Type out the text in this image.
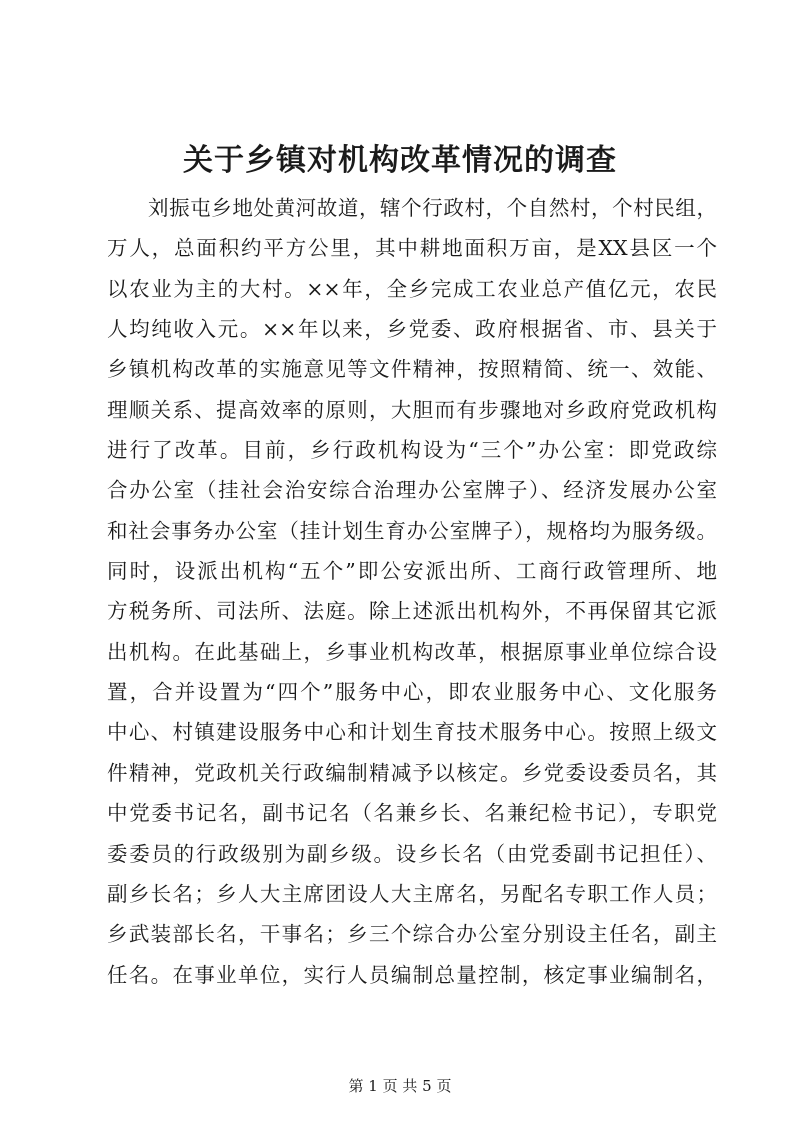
关于乡镇对机构改革情况的调查
刘振屯乡地处黄河故道，辖个行政村，个自然村，个村民组，
万人，总面积约平方公里，其中耕地面积万亩，是XX县区一个
以农业为主的大村。××年，全乡完成工农业总产值亿元，农民
人均纯收入元。××年以来，乡党委、政府根据省、市、县关于
乡镇机构改革的实施意见等文件精神，按照精简、统一、效能、
理顺关系、提高效率的原则，大胆而有步骤地对乡政府党政机构
进行了改革。目前，乡行政机构设为“三个”办公室：即党政综
合办公室（挂社会治安综合治理办公室牌子）、经济发展办公室
和社会事务办公室（挂计划生育办公室牌子），规格均为服务级。
同时，设派出机构“五个”即公安派出所、工商行政管理所、地
方税务所、司法所、法庭。除上述派出机构外，不再保留其它派
出机构。在此基础上，乡事业机构改革，根据原事业单位综合设
置，合并设置为“四个”服务中心，即农业服务中心、文化服务
中心、村镇建设服务中心和计划生育技术服务中心。按照上级文
件精神，党政机关行政编制精减予以核定。乡党委设委员名，其
中党委书记名，副书记名（名兼乡长、名兼纪检书记），专职党
委委员的行政级别为副乡级。设乡长名（由党委副书记担任）、
副乡长名；乡人大主席团设人大主席名，另配名专职工作人员；
乡武装部长名，干事名；乡三个综合办公室分别设主任名，副主
任名。在事业单位，实行人员编制总量控制，核定事业编制名，
第 1 页 共 5 页
